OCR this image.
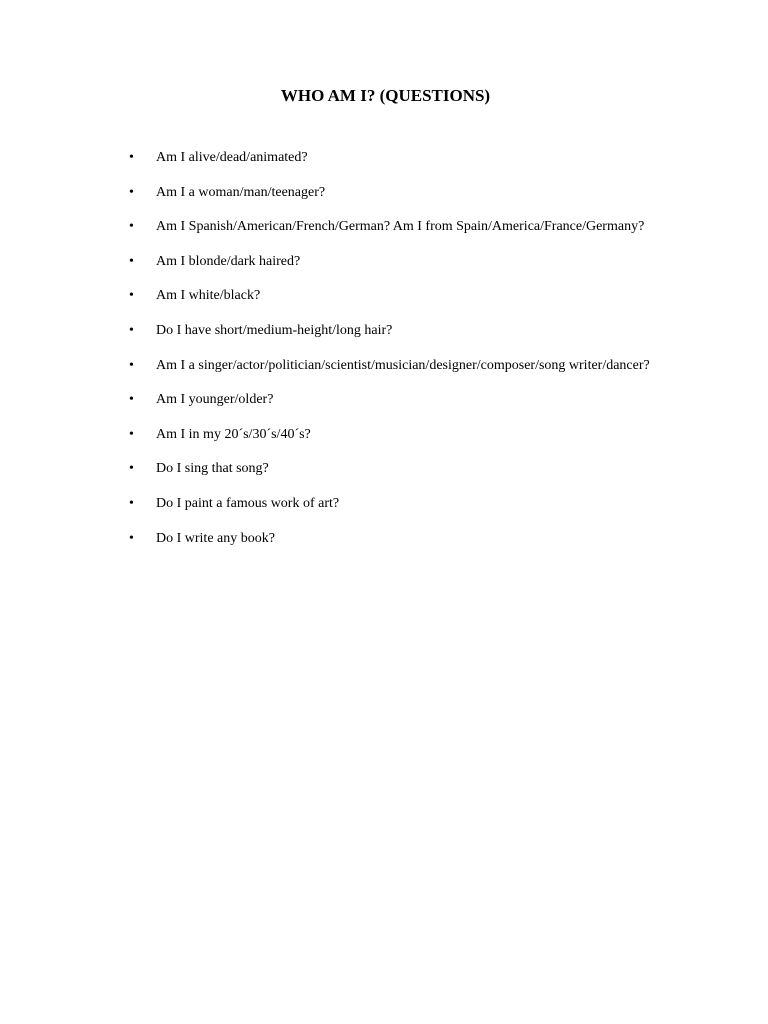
WHO AM I? (QUESTIONS)
• Am I alive/dead/animated?
• Am I a woman/man/teenager?
• Am I Spanish/American/French/German? Am I from Spain/America/France/Germany?
• Am I blonde/dark haired?
• Am I white/black?
• Do I have short/medium-height/long hair?
• Am I a singer/actor/politician/scientist/musician/designer/composer/song writer/dancer?
• Am I younger/older?
• Am I in my 20´s/30´s/40´s?
• Do I sing that song?
• Do I paint a famous work of art?
• Do I write any book?
